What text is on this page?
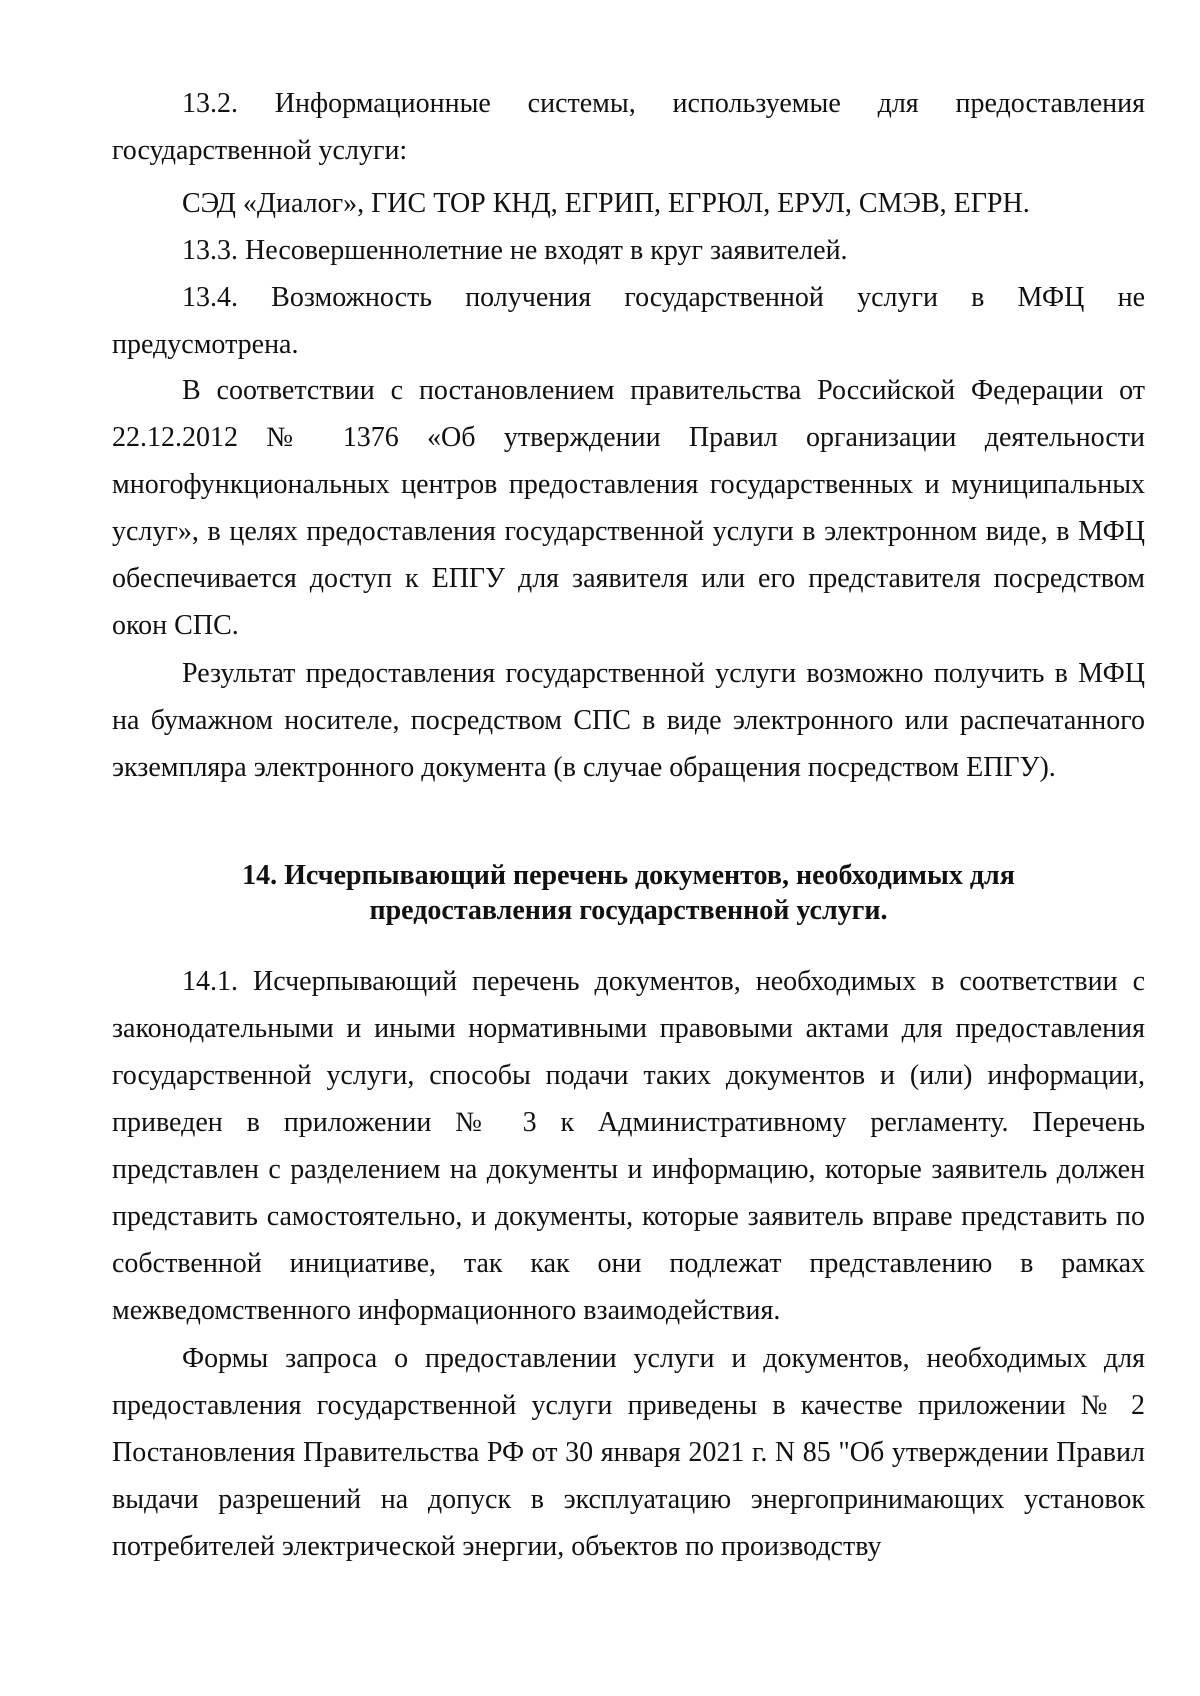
13.2. Информационные системы, используемые для предоставления государственной услуги:

СЭД «Диалог», ГИС ТОР КНД, ЕГРИП, ЕГРЮЛ, ЕРУЛ, СМЭВ, ЕГРН.

13.3. Несовершеннолетние не входят в круг заявителей.

13.4. Возможность получения государственной услуги в МФЦ не предусмотрена.

В соответствии с постановлением правительства Российской Федерации от 22.12.2012 № 1376 «Об утверждении Правил организации деятельности многофункциональных центров предоставления государственных и муниципальных услуг», в целях предоставления государственной услуги в электронном виде, в МФЦ обеспечивается доступ к ЕПГУ для заявителя или его представителя посредством окон СПС.

Результат предоставления государственной услуги возможно получить в МФЦ на бумажном носителе, посредством СПС в виде электронного или распечатанного экземпляра электронного документа (в случае обращения посредством ЕПГУ).

14. Исчерпывающий перечень документов, необходимых для
предоставления государственной услуги.

14.1. Исчерпывающий перечень документов, необходимых в соответствии с законодательными и иными нормативными правовыми актами для предоставления государственной услуги, способы подачи таких документов и (или) информации, приведен в приложении № 3 к Административному регламенту. Перечень представлен с разделением на документы и информацию, которые заявитель должен представить самостоятельно, и документы, которые заявитель вправе представить по собственной инициативе, так как они подлежат представлению в рамках межведомственного информационного взаимодействия.

Формы запроса о предоставлении услуги и документов, необходимых для предоставления государственной услуги приведены в качестве приложении № 2 Постановления Правительства РФ от 30 января 2021 г. N 85 "Об утверждении Правил выдачи разрешений на допуск в эксплуатацию энергопринимающих установок потребителей электрической энергии, объектов по производству
